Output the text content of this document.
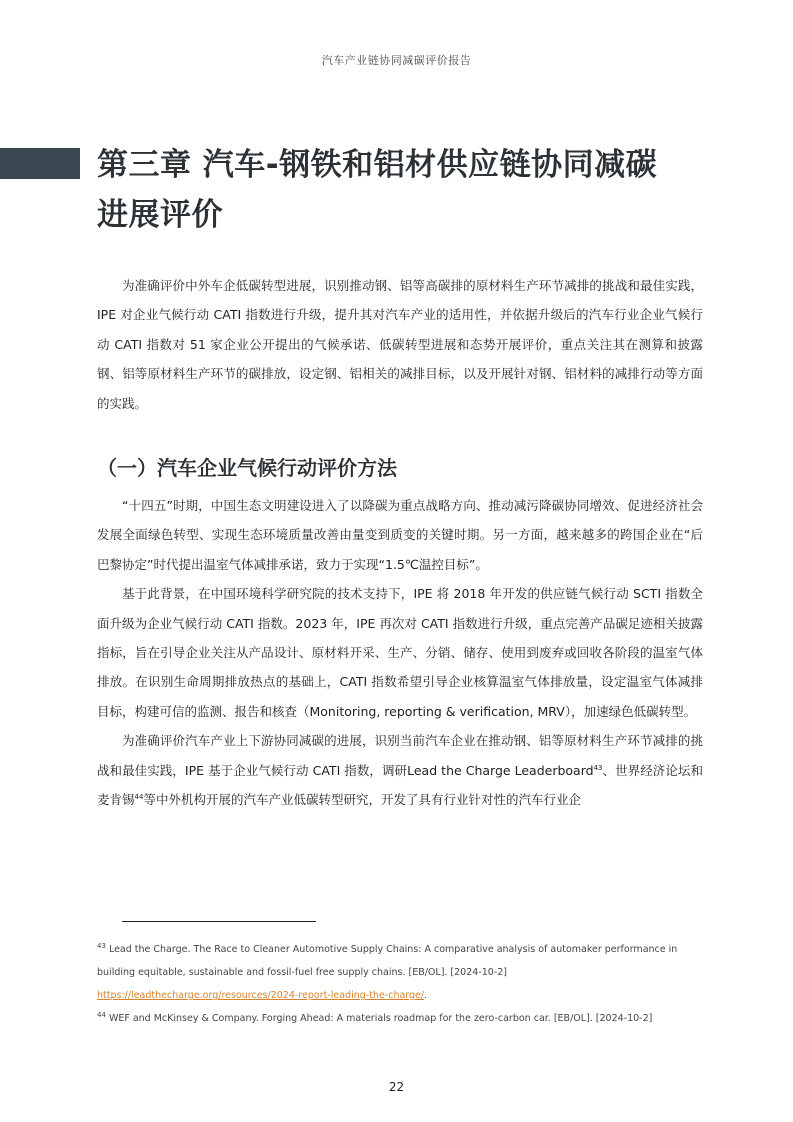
汽车产业链协同减碳评价报告
第三章 汽车-钢铁和铝材供应链协同减碳
进展评价

为准确评价中外车企低碳转型进展，识别推动钢、铝等高碳排的原材料生产环节减排的挑战和最佳实践，IPE 对企业气候行动 CATI 指数进行升级，提升其对汽车产业的适用性，并依据升级后的汽车行业企业气候行动 CATI 指数对 51 家企业公开提出的气候承诺、低碳转型进展和态势开展评价，重点关注其在测算和披露钢、铝等原材料生产环节的碳排放，设定钢、铝相关的减排目标，以及开展针对钢、铝材料的减排行动等方面的实践。

（一）汽车企业气候行动评价方法

“十四五”时期，中国生态文明建设进入了以降碳为重点战略方向、推动减污降碳协同增效、促进经济社会发展全面绿色转型、实现生态环境质量改善由量变到质变的关键时期。另一方面，越来越多的跨国企业在“后巴黎协定”时代提出温室气体减排承诺，致力于实现“1.5℃温控目标”。

基于此背景，在中国环境科学研究院的技术支持下，IPE 将 2018 年开发的供应链气候行动 SCTI 指数全面升级为企业气候行动 CATI 指数。2023 年，IPE 再次对 CATI 指数进行升级，重点完善产品碳足迹相关披露指标，旨在引导企业关注从产品设计、原材料开采、生产、分销、储存、使用到废弃或回收各阶段的温室气体排放。在识别生命周期排放热点的基础上，CATI 指数希望引导企业核算温室气体排放量，设定温室气体减排目标，构建可信的监测、报告和核查（Monitoring, reporting & verification, MRV），加速绿色低碳转型。

为准确评价汽车产业上下游协同减碳的进展，识别当前汽车企业在推动钢、铝等原材料生产环节减排的挑战和最佳实践，IPE 基于企业气候行动 CATI 指数，调研Lead the Charge Leaderboard$^{43}$、世界经济论坛和麦肯锡$^{44}$等中外机构开展的汽车产业低碳转型研究，开发了具有行业针对性的汽车行业企

$^{43}$ Lead the Charge. The Race to Cleaner Automotive Supply Chains: A comparative analysis of automaker performance in building equitable, sustainable and fossil-fuel free supply chains. [EB/OL]. [2024-10-2]
https://leadthecharge.org/resources/2024-report-leading-the-charge/.
$^{44}$ WEF and McKinsey & Company. Forging Ahead: A materials roadmap for the zero-carbon car. [EB/OL]. [2024-10-2]
22
